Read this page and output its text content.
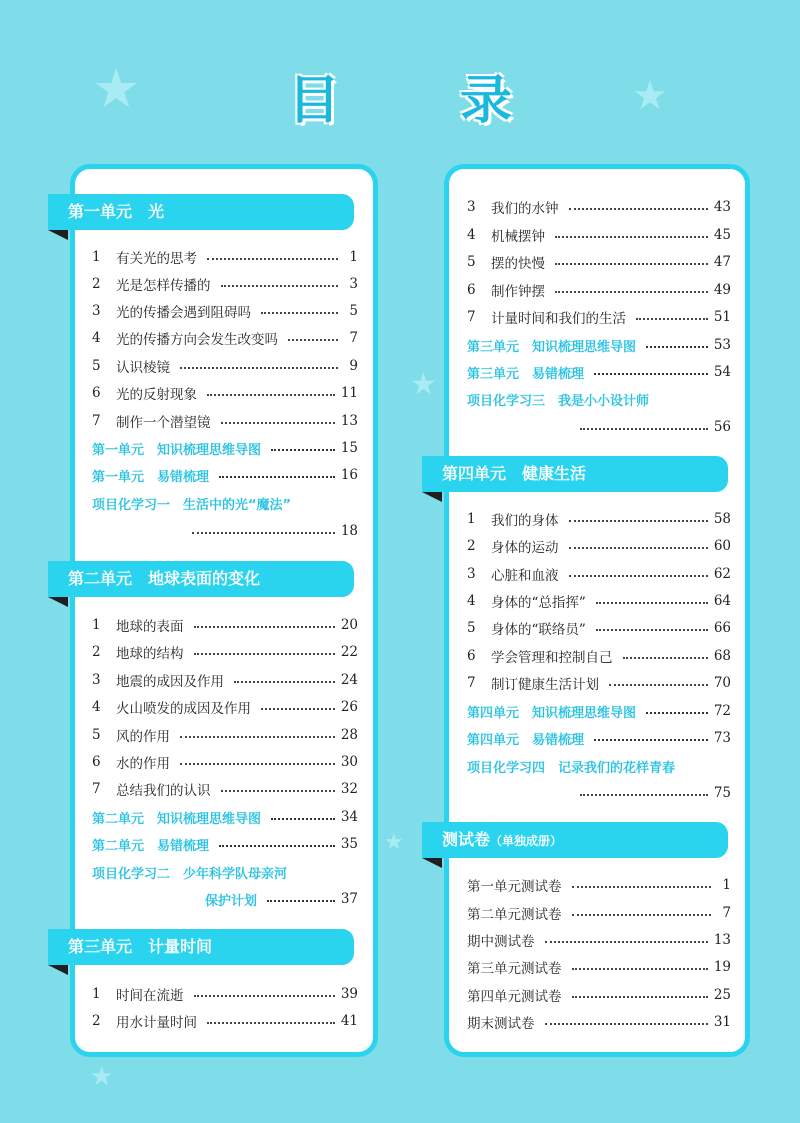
★	★
★
★
★
目 录
第一单元　光
1	有关光的思考	1
2	光是怎样传播的	3
3	光的传播会遇到阻碍吗	5
4	光的传播方向会发生改变吗	7
5	认识棱镜	9
6	光的反射现象	11
7	制作一个潜望镜	13
第一单元　知识梳理思维导图	15
第一单元　易错梳理	16
项目化学习一　生活中的光“魔法”
18
第二单元　地球表面的变化
1	地球的表面	20
2	地球的结构	22
3	地震的成因及作用	24
4	火山喷发的成因及作用	26
5	风的作用	28
6	水的作用	30
7	总结我们的认识	32
第二单元　知识梳理思维导图	34
第二单元　易错梳理	35
项目化学习二　少年科学队母亲河
保护计划	37
第三单元　计量时间
1	时间在流逝	39
2	用水计量时间	41
3	我们的水钟	43
4	机械摆钟	45
5	摆的快慢	47
6	制作钟摆	49
7	计量时间和我们的生活	51
第三单元　知识梳理思维导图	53
第三单元　易错梳理	54
项目化学习三　我是小小设计师
56
第四单元　健康生活
1	我们的身体	58
2	身体的运动	60
3	心脏和血液	62
4	身体的“总指挥”	64
5	身体的“联络员”	66
6	学会管理和控制自己	68
7	制订健康生活计划	70
第四单元　知识梳理思维导图	72
第四单元　易错梳理	73
项目化学习四　记录我们的花样青春
75
测试卷（单独成册）
第一单元测试卷	1
第二单元测试卷	7
期中测试卷	13
第三单元测试卷	19
第四单元测试卷	25
期末测试卷	31
